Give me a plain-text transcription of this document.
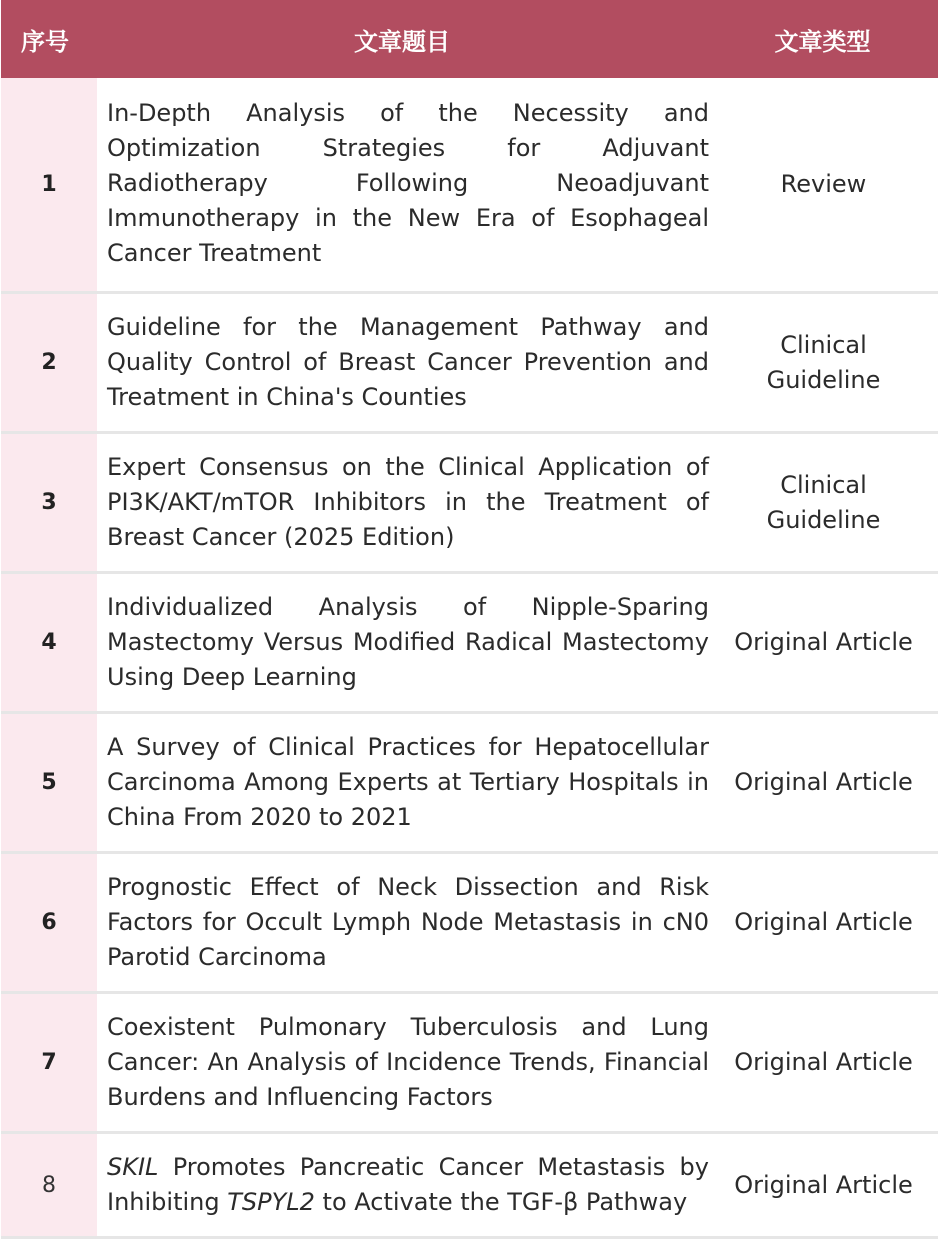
序号	文章题目	文章类型
1
In-Depth Analysis of the Necessity and Optimization Strategies for Adjuvant Radiotherapy Following Neoadjuvant Immunotherapy in the New Era of Esophageal Cancer Treatment
Review
2
Guideline for the Management Pathway and Quality Control of Breast Cancer Prevention and Treatment in China's Counties
Clinical Guideline
3
Expert Consensus on the Clinical Application of PI3K/AKT/mTOR Inhibitors in the Treatment of Breast Cancer (2025 Edition)
Clinical Guideline
4
Individualized Analysis of Nipple-Sparing Mastectomy Versus Modified Radical Mastectomy Using Deep Learning
Original Article
5
A Survey of Clinical Practices for Hepatocellular Carcinoma Among Experts at Tertiary Hospitals in China From 2020 to 2021
Original Article
6
Prognostic Effect of Neck Dissection and Risk Factors for Occult Lymph Node Metastasis in cN0 Parotid Carcinoma
Original Article
7
Coexistent Pulmonary Tuberculosis and Lung Cancer: An Analysis of Incidence Trends, Financial Burdens and Influencing Factors
Original Article
8
SKIL Promotes Pancreatic Cancer Metastasis by Inhibiting TSPYL2 to Activate the TGF-β Pathway
Original Article
